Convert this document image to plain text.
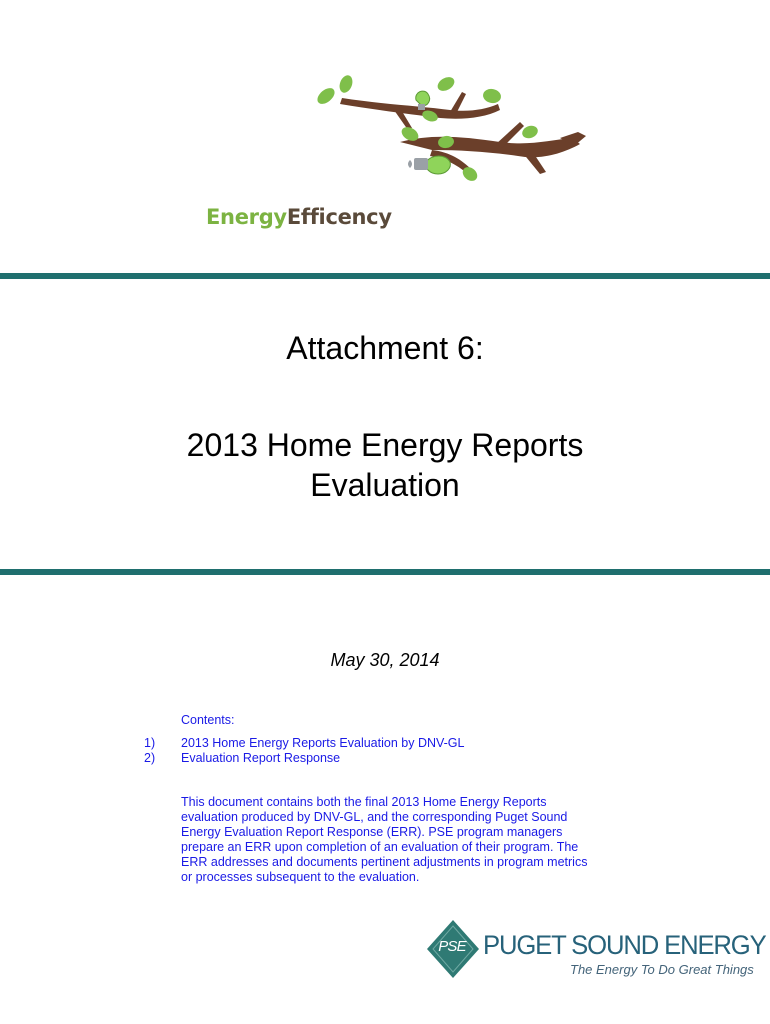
EnergyEfficency
Attachment 6:
2013 Home Energy Reports
Evaluation
May 30, 2014
Contents:
1)	2013 Home Energy Reports Evaluation by DNV-GL
2)	Evaluation Report Response

This document contains both the final 2013 Home Energy Reports evaluation produced by DNV-GL, and the corresponding Puget Sound Energy Evaluation Report Response (ERR). PSE program managers prepare an ERR upon completion of an evaluation of their program. The ERR addresses and documents pertinent adjustments in program metrics or processes subsequent to the evaluation.

PSE PUGET SOUND ENERGY
The Energy To Do Great Things
